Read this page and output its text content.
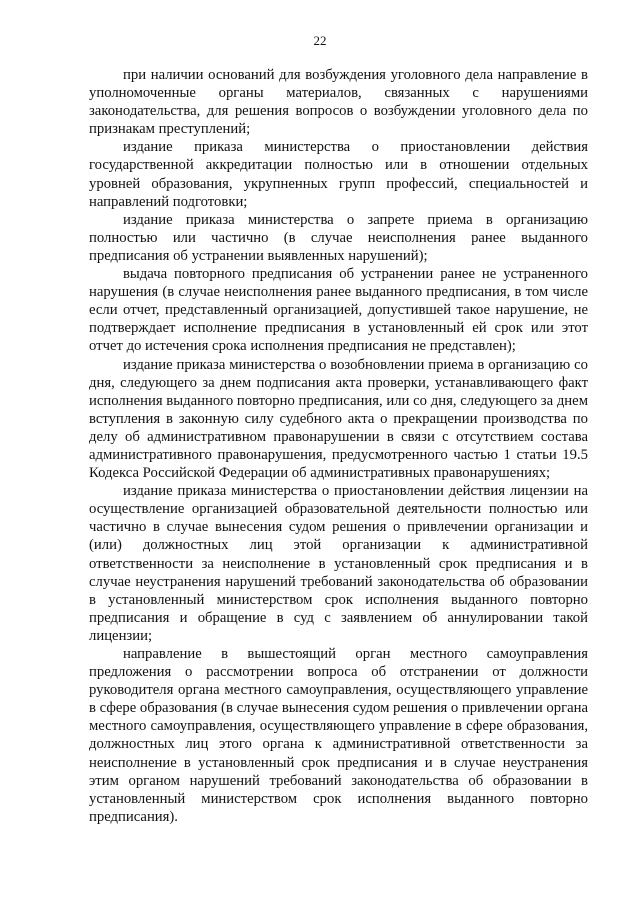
22

при наличии оснований для возбуждения уголовного дела направление в уполномоченные органы материалов, связанных с нарушениями законодательства, для решения вопросов о возбуждении уголовного дела по признакам преступлений;

издание приказа министерства о приостановлении действия государственной аккредитации полностью или в отношении отдельных уровней образования, укрупненных групп профессий, специальностей и направлений подготовки;

издание приказа министерства о запрете приема в организацию полностью или частично (в случае неисполнения ранее выданного предписания об устранении выявленных нарушений);

выдача повторного предписания об устранении ранее не устраненного нарушения (в случае неисполнения ранее выданного предписания, в том числе если отчет, представленный организацией, допустившей такое нарушение, не подтверждает исполнение предписания в установленный ей срок или этот отчет до истечения срока исполнения предписания не представлен);

издание приказа министерства о возобновлении приема в организацию со дня, следующего за днем подписания акта проверки, устанавливающего факт исполнения выданного повторно предписания, или со дня, следующего за днем вступления в законную силу судебного акта о прекращении производства по делу об административном правонарушении в связи с отсутствием состава административного правонарушения, предусмотренного частью 1 статьи 19.5 Кодекса Российской Федерации об административных правонарушениях;

издание приказа министерства о приостановлении действия лицензии на осуществление организацией образовательной деятельности полностью или частично в случае вынесения судом решения о привлечении организации и (или) должностных лиц этой организации к административной ответственности за неисполнение в установленный срок предписания и в случае неустранения нарушений требований законодательства об образовании в установленный министерством срок исполнения выданного повторно предписания и обращение в суд с заявлением об аннулировании такой лицензии;

направление в вышестоящий орган местного самоуправления предложения о рассмотрении вопроса об отстранении от должности руководителя органа местного самоуправления, осуществляющего управление в сфере образования (в случае вынесения судом решения о привлечении органа местного самоуправления, осуществляющего управление в сфере образования, должностных лиц этого органа к административной ответственности за неисполнение в установленный срок предписания и в случае неустранения этим органом нарушений требований законодательства об образовании в установленный министерством срок исполнения выданного повторно предписания).
